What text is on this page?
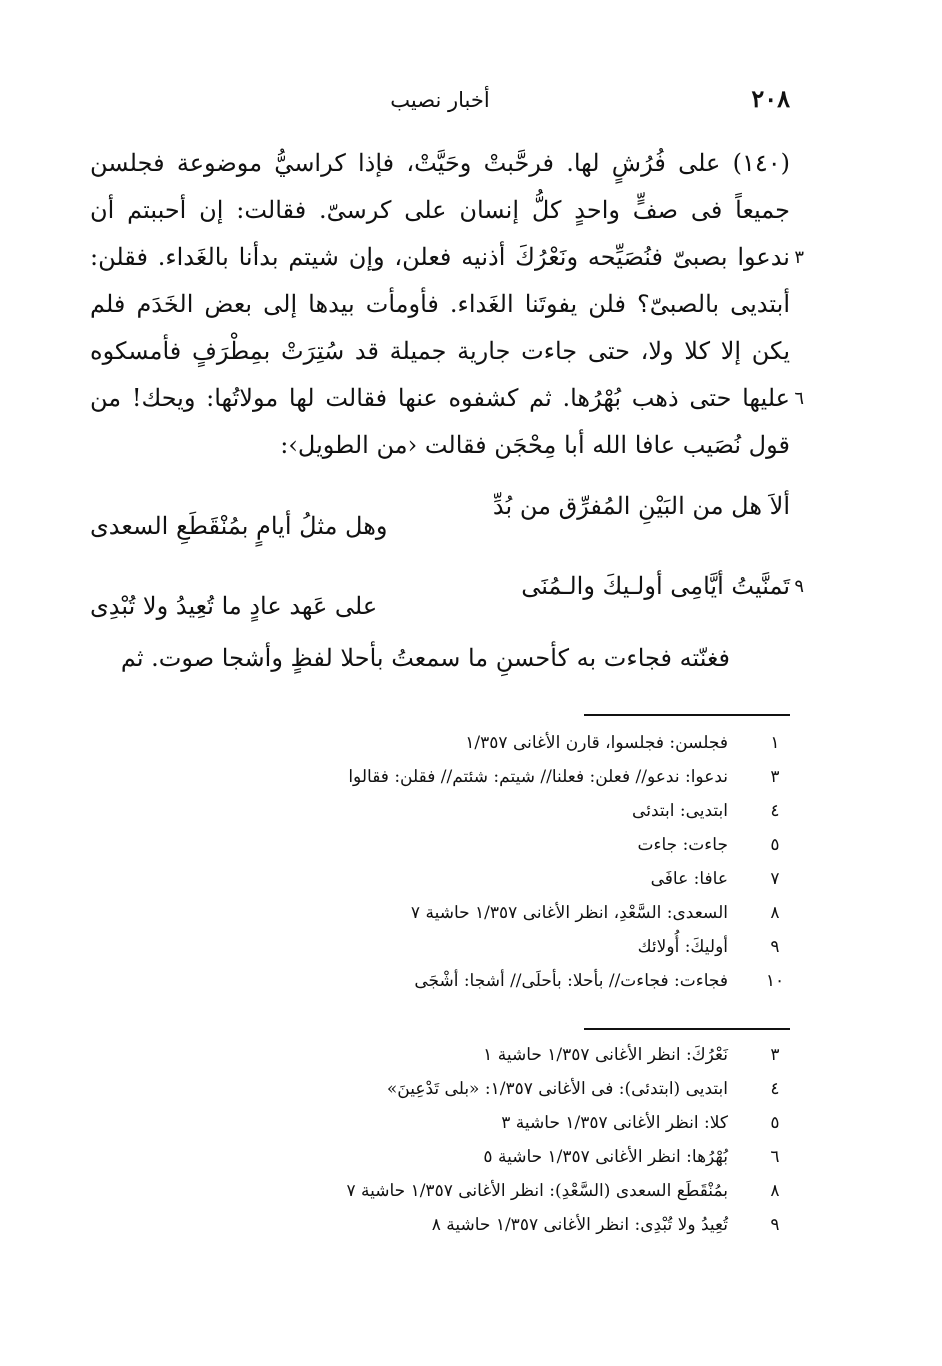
٢٠٨
أخبار نصيب
(١٤٠) على فُرُشٍ لها. فرحَّبتْ وحَيَّتْ، فإذا كراسيُّ موضوعة فجلسن
جميعاً فى صفٍّ واحدٍ كلُّ إنسان على كرسىّ. فقالت: إن أحببتم أن
٣
ندعوا بصبىّ فنُصَيِّحه ونَعْرُكَ أذنيه فعلن، وإن شيتم بدأنا بالغَداء. فقلن:
أبتديى بالصبىّ؟ فلن يفوتَنا الغَداء. فأومأت بيدها إلى بعض الخَدَم فلم
يكن إلا كلا ولا، حتى جاءت جارية جميلة قد سُتِرَتْ بمِطْرَفٍ فأمسكوه
٦
عليها حتى ذهب بُهْرُها. ثم كشفوه عنها فقالت لها مولاتُها: ويحك! من
قول نُصَيب عافا الله أبا مِحْجَن فقالت ‹من الطويل›:
ألاَ هل من البَيْنِ المُفرِّق من بُدِّ
وهل مثلُ أيامٍ بمُنْقَطَعِ السعدى
٩
تَمنَّيتُ أيَّامِى أولـيكَ والـمُنَى
على عَهد عادٍ ما تُعِيدُ ولا تُبْدِى
فغنّته فجاءت به كأحسنِ ما سمعتُ بأحلا لفظٍ وأشجا صوت. ثم
١
فجلسن: فجلسوا، قارن الأغانى ١/٣٥٧
٣
ندعوا: ندعو// فعلن: فعلنا// شيتم: شئتم// فقلن: فقالوا
٤
ابتديى: ابتدئى
٥
جاءت: جاءت
٧
عافا: عافَى
٨
السعدى: السَّعْدِ، انظر الأغانى ١/٣٥٧ حاشية ٧
٩
أوليكَ: أُولائك
١٠
فجاءت: فجاءت// بأحلا: بأحلَى// أشجا: أشْجَى
٣
نَعْرُكَ: انظر الأغانى ١/٣٥٧ حاشية ١
٤
ابتديى (ابتدئى): فى الأغانى ١/٣٥٧: «بلى تَدْعِينَ»
٥
كلا: انظر الأغانى ١/٣٥٧ حاشية ٣
٦
بُهْرُها: انظر الأغانى ١/٣٥٧ حاشية ٥
٨
بمُنْقَطَع السعدى (السَّعْدِ): انظر الأغانى ١/٣٥٧ حاشية ٧
٩
تُعِيدُ ولا تُبْدِى: انظر الأغانى ١/٣٥٧ حاشية ٨
